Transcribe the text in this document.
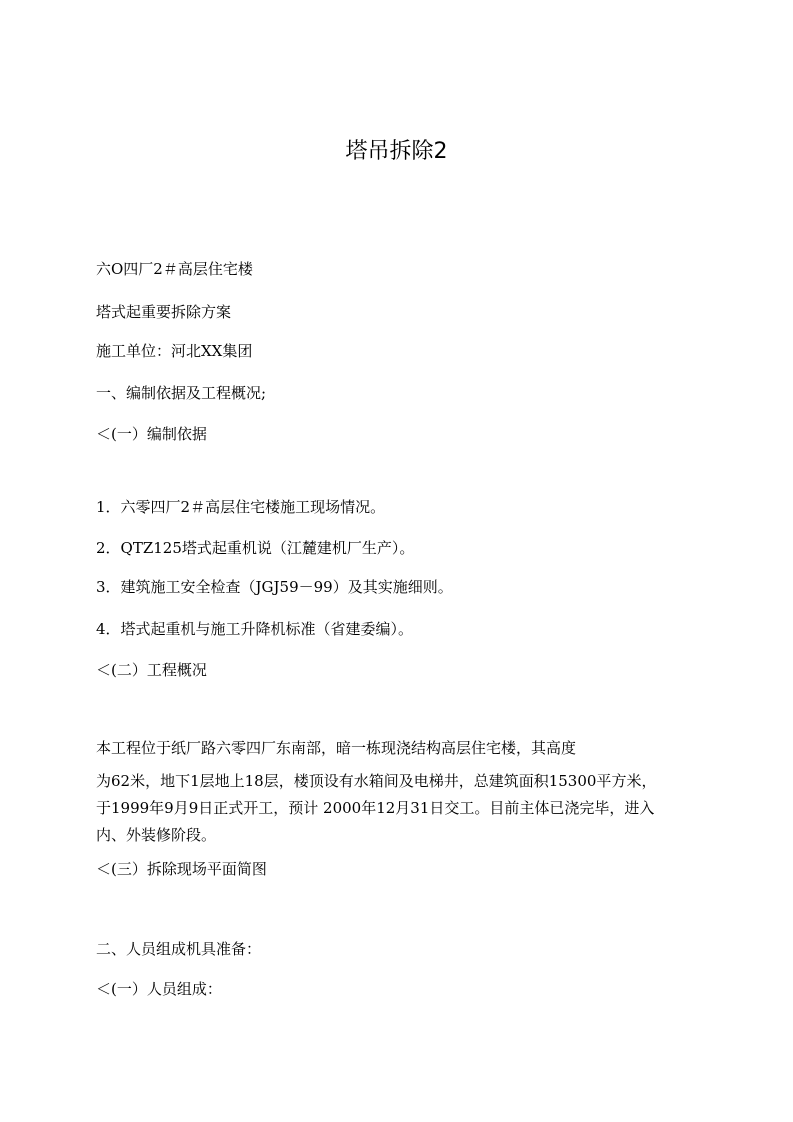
塔吊拆除2

六O四厂2＃高层住宅楼

塔式起重要拆除方案

施工单位：河北XX集团

一、编制依据及工程概况;

＜(一）编制依据

1．六零四厂2＃高层住宅楼施工现场情况。

2．QTZ125塔式起重机说（江麓建机厂生产）。

3．建筑施工安全检查（JGJ59－99）及其实施细则。

4．塔式起重机与施工升降机标准（省建委编）。

＜(二）工程概况

本工程位于纸厂路六零四厂东南部，暗一栋现浇结构高层住宅楼，其高度
为62米，地下1层地上18层，楼顶设有水箱间及电梯井，总建筑面积15300平方米，
于1999年9月9日正式开工，预计 2000年12月31日交工。目前主体已浇完毕，进入
内、外装修阶段。

＜(三）拆除现场平面简图

二、人员组成机具准备：

＜(一）人员组成：
